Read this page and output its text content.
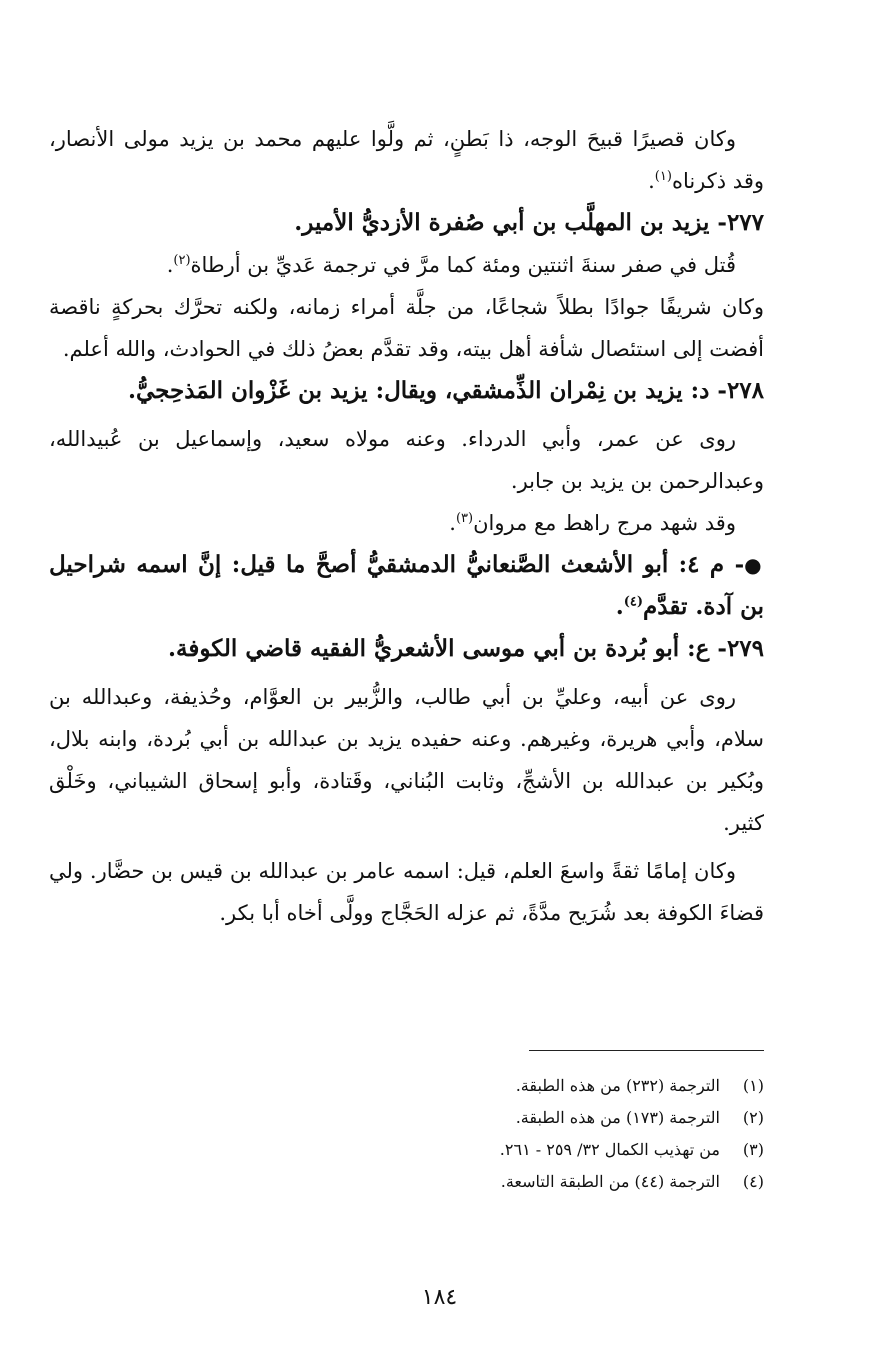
وكان قصيرًا قبيحَ الوجه، ذا بَطنٍ، ثم ولَّوا عليهم محمد بن يزيد مولى الأنصار، وقد ذكرناه$^{(١)}$.

٢٧٧- يزيد بن المهلَّب بن أبي صُفرة الأزديُّ الأمير.

قُتل في صفر سنةَ اثنتين ومئة كما مرَّ في ترجمة عَديِّ بن أرطاة$^{(٢)}$.

وكان شريفًا جوادًا بطلاً شجاعًا، من جلَّة أمراء زمانه، ولكنه تحرَّك بحركةٍ ناقصة أفضت إلى استئصال شأفة أهل بيته، وقد تقدَّم بعضُ ذلك في الحوادث، والله أعلم.

٢٧٨- د: يزيد بن نِمْران الذِّمشقي، ويقال: يزيد بن غَزْوان المَذحِجيُّ.

روى عن عمر، وأبي الدرداء. وعنه مولاه سعيد، وإسماعيل بن عُبيدالله، وعبدالرحمن بن يزيد بن جابر.

وقد شهد مرج راهط مع مروان$^{(٣)}$.

●- م ٤: أبو الأشعث الصَّنعانيُّ الدمشقيُّ أصحَّ ما قيل: إنَّ اسمه شراحيل بن آدة. تقدَّم$^{(٤)}$.

٢٧٩- ع: أبو بُردة بن أبي موسى الأشعريُّ الفقيه قاضي الكوفة.

روى عن أبيه، وعليِّ بن أبي طالب، والزُّبير بن العوَّام، وحُذيفة، وعبدالله بن سلام، وأبي هريرة، وغيرهم. وعنه حفيده يزيد بن عبدالله بن أبي بُردة، وابنه بلال، وبُكير بن عبدالله بن الأشجِّ، وثابت البُناني، وقَتادة، وأبو إسحاق الشيباني، وخَلْق كثير.

وكان إمامًا ثقةً واسعَ العلم، قيل: اسمه عامر بن عبدالله بن قيس بن حضَّار. ولي قضاءَ الكوفة بعد شُرَيح مدَّةً، ثم عزله الحَجَّاج وولَّى أخاه أبا بكر.

(١)الترجمة (٢٣٢) من هذه الطبقة.

(٢)الترجمة (١٧٣) من هذه الطبقة.

(٣)من تهذيب الكمال ٣٢/ ٢٥٩ - ٢٦١.

(٤)الترجمة (٤٤) من الطبقة التاسعة.

١٨٤
